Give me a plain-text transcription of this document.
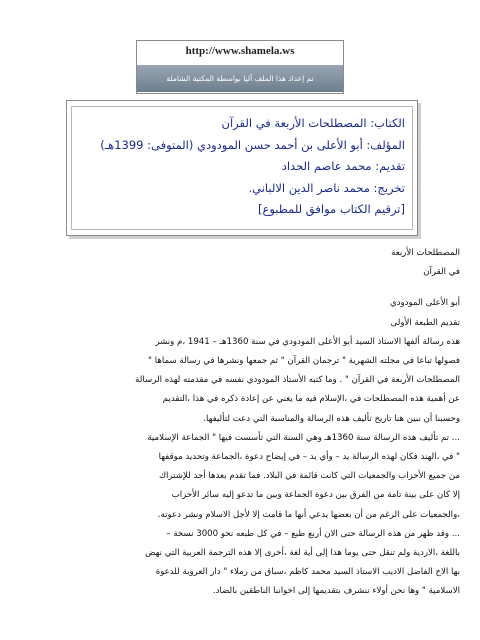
http://www.shamela.ws
تم إعداد هذا الملف آليا بواسطة المكتبة الشاملة
الكتاب: المصطلحات الأربعة في القرآن
المؤلف: أبو الأعلى بن أحمد حسن المودودي (المتوفى: 1399هـ)
تقديم: محمد عاصم الحداد
تخريج: محمد ناصر الدين الالباني.
[ترقيم الكتاب موافق للمطبوع]
المصطلحات الأربعة
في القرآن
أبو الأعلى المودودي
تقديم الطبعة الأولى
هذه رسالة ألفها الاستاذ السيد أبو الأعلى المودودي في سنة 1360هـ – 1941 ،م ونشر
فصولها تباعا في مجلته الشهرية " ترجمان القرآن " ثم جمعها ونشرها في رسالة سماها "
المصطلحات الأربعة في القرآن " . وما كتبه الأستاذ المودودي نفسه في مقدمته لهذه الرسالة
عن أهمية هذه المصطلحات في ،الإسلام فيه ما يغني عن إعادة ذكره في هذا ،التقديم
وحسبنا أن نبين هنا تاريخ تأليف هذه الرسالة والمناسبة التي دعت لتأليفها.
... تم تأليف هذه الرسالة سنة 1360هـ وهي السنة التي تأسست فيها " الجماعة الإسلامية
" في ،الهند فكان لهذه الرسالة يد – وأي يد – في إيضاح دعوة ،الجماعة وتحديد موقفها
من جميع الأحزاب والجمعيات التي كانت قائمة في البلاد. فما تقدم بعدها أحد للإشتراك
إلا كان على بينة تامة من الفرق بين دعوة الجماعة وبين ما تدعو إليه سائر الأحزاب
،والجمعيات على الرغم من أن بعضها يدعي أنها ما قامت إلا لأجل الاسلام ونشر دعوته.
... وقد ظهر من هذه الرسالة حتى الان أربع طبع – في كل طبعه نحو 3000 نسخة –
باللغة ،الاردية ولم تنقل حتى يوما هذا إلى أية لغة ،أخرى إلا هذه الترجمة العربية التي نهض
بها الاخ الفاضل الاديب الاستاذ السيد محمد كاظم ،سباق من رملاء " دار العروبة للدعوة
الاسلامية " وها نحن أولاء ننشرف بتقديمها إلى اخواننا الناطقين بالضاد.
